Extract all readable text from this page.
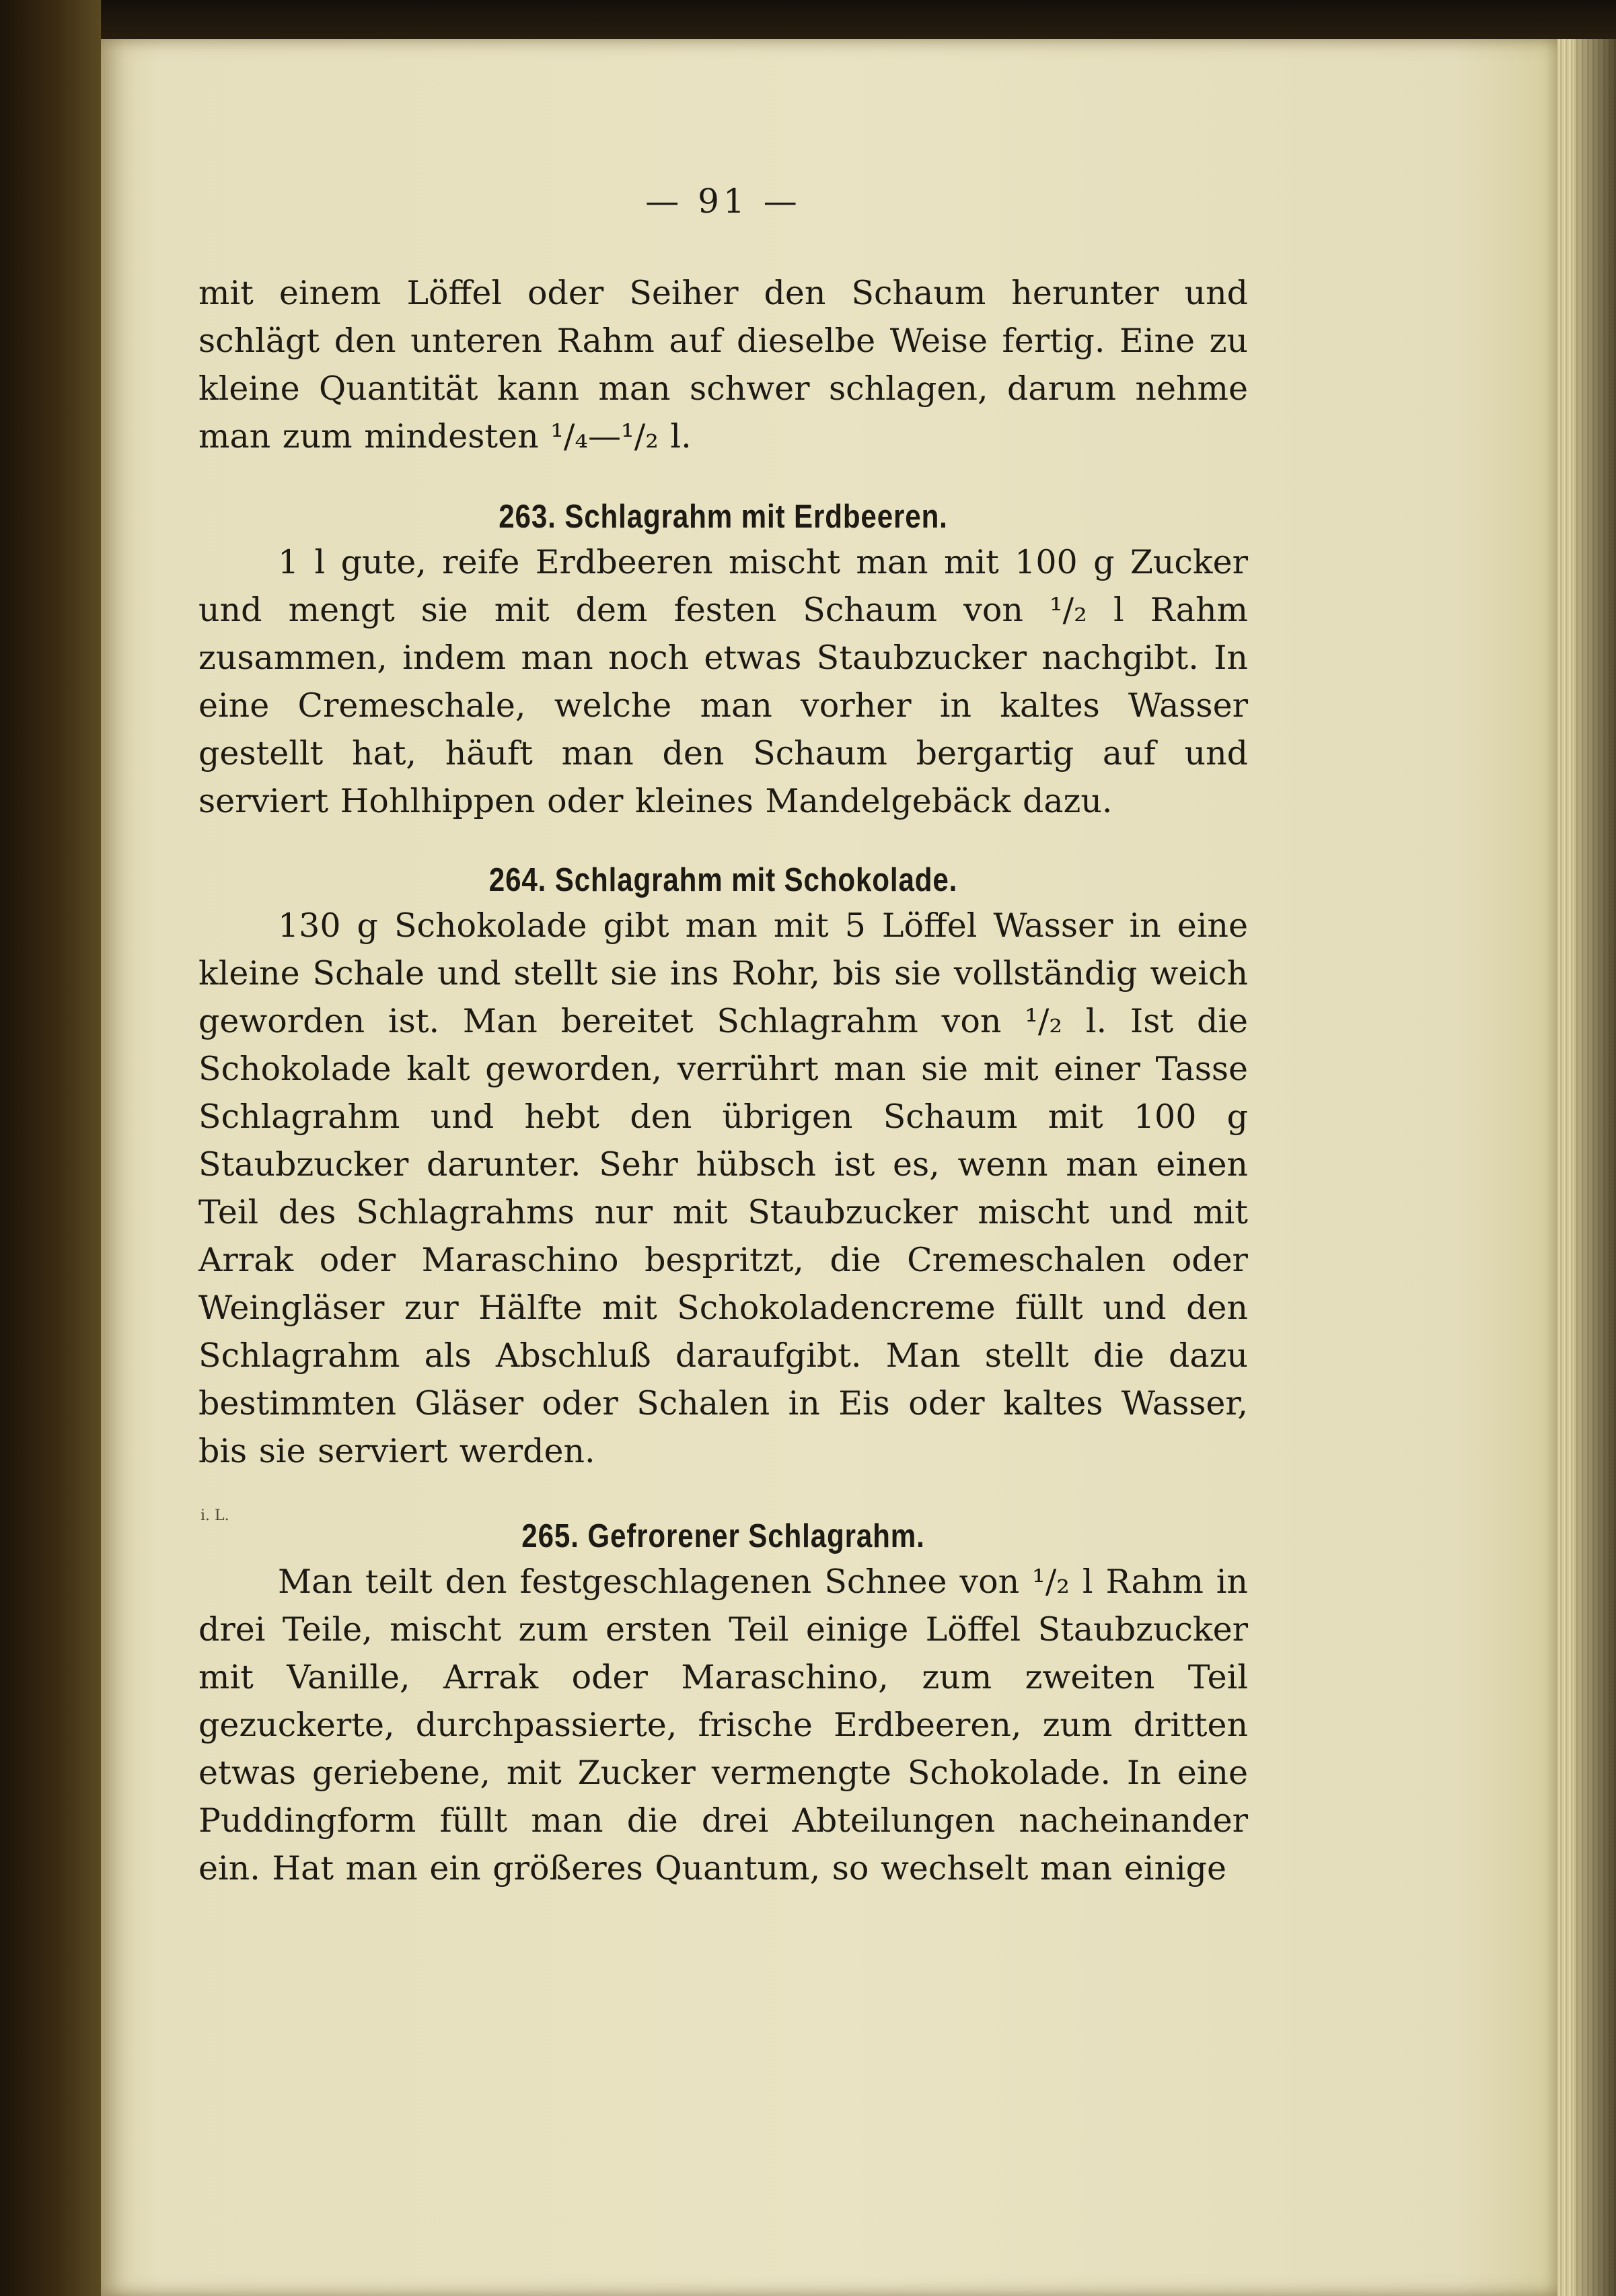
— 91 —
mit einem Löffel oder Seiher den Schaum herunter und schlägt den unteren Rahm auf dieselbe Weise fertig. Eine zu kleine Quantität kann man schwer schlagen, darum nehme man zum mindesten ¹/₄—¹/₂ l.
263. Schlagrahm mit Erdbeeren.
1 l gute, reife Erdbeeren mischt man mit 100 g Zucker und mengt sie mit dem festen Schaum von ¹/₂ l Rahm zusammen, indem man noch etwas Staubzucker nachgibt. In eine Cremeschale, welche man vorher in kaltes Wasser gestellt hat, häuft man den Schaum bergartig auf und serviert Hohlhippen oder kleines Mandelgebäck dazu.
264. Schlagrahm mit Schokolade.
130 g Schokolade gibt man mit 5 Löffel Wasser in eine kleine Schale und stellt sie ins Rohr, bis sie vollständig weich geworden ist. Man bereitet Schlagrahm von ¹/₂ l. Ist die Schokolade kalt geworden, verrührt man sie mit einer Tasse Schlagrahm und hebt den übrigen Schaum mit 100 g Staubzucker darunter. Sehr hübsch ist es, wenn man einen Teil des Schlagrahms nur mit Staubzucker mischt und mit Arrak oder Maraschino bespritzt, die Cremeschalen oder Weingläser zur Hälfte mit Schokoladencreme füllt und den Schlagrahm als Abschluß daraufgibt. Man stellt die dazu bestimmten Gläser oder Schalen in Eis oder kaltes Wasser, bis sie serviert werden.
265. Gefrorener Schlagrahm.
Man teilt den festgeschlagenen Schnee von ¹/₂ l Rahm in drei Teile, mischt zum ersten Teil einige Löffel Staubzucker mit Vanille, Arrak oder Maraschino, zum zweiten Teil gezuckerte, durchpassierte, frische Erdbeeren, zum dritten etwas geriebene, mit Zucker vermengte Schokolade. In eine Puddingform füllt man die drei Abteilungen nacheinander ein. Hat man ein größeres Quantum, so wechselt man einige
i. L.
